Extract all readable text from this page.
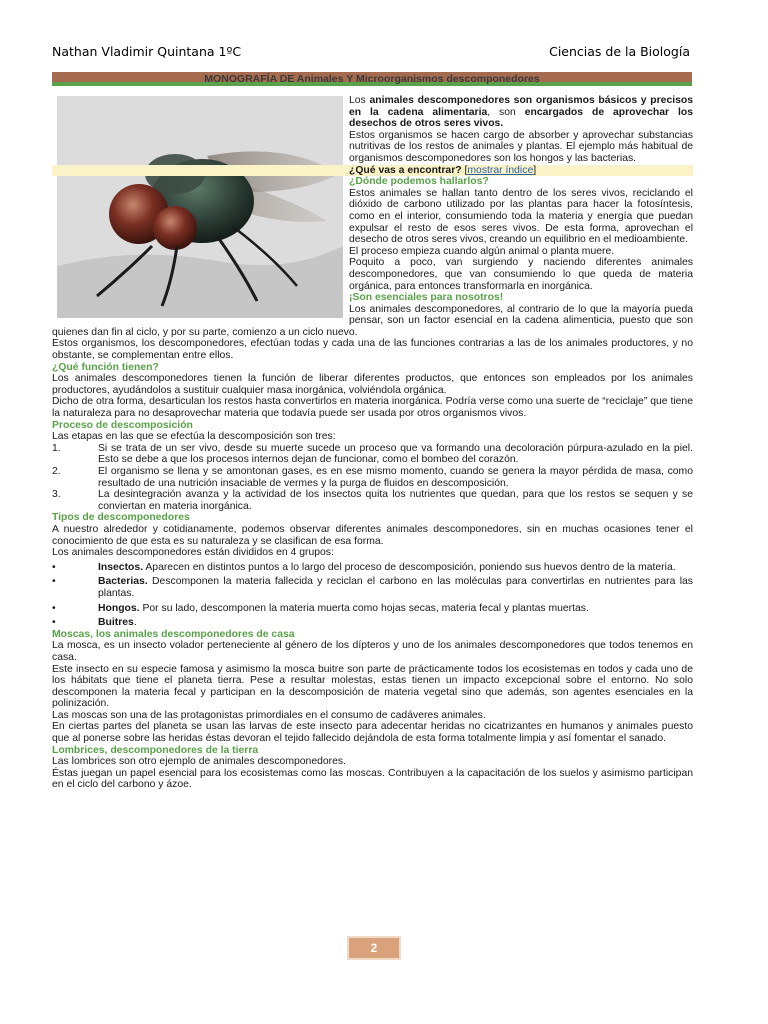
Nathan Vladimir Quintana 1ºC	Ciencias de la Biología
MONOGRAFÍA DE Animales Y Microorganismos descomponedores

Los animales descomponedores son organismos básicos y precisos en la cadena alimentaria, son encargados de aprovechar los desechos de otros seres vivos.

Estos organismos se hacen cargo de absorber y aprovechar substancias nutritivas de los restos de animales y plantas. El ejemplo más habitual de organismos descomponedores son los hongos y las bacterias.

¿Qué vas a encontrar? [mostrar índice]

¿Dónde podemos hallarlos?

Estos animales se hallan tanto dentro de los seres vivos, reciclando el dióxido de carbono utilizado por las plantas para hacer la fotosíntesis, como en el interior, consumiendo toda la materia y energía que puedan expulsar el resto de esos seres vivos. De esta forma, aprovechan el desecho de otros seres vivos, creando un equilibrio en el medioambiente.

El proceso empieza cuando algún animal o planta muere.

Poquito a poco, van surgiendo y naciendo diferentes animales descomponedores, que van consumiendo lo que queda de materia orgánica, para entonces transformarla en inorgánica.

¡Son esenciales para nosotros!

Los animales descomponedores, al contrario de lo que la mayoría pueda pensar, son un factor esencial en la cadena alimenticia, puesto que son quienes dan fin al ciclo, y por su parte, comienzo a un ciclo nuevo.

Estos organismos, los descomponedores, efectúan todas y cada una de las funciones contrarias a las de los animales productores, y no obstante, se complementan entre ellos.

¿Qué función tienen?

Los animales descomponedores tienen la función de liberar diferentes productos, que entonces son empleados por los animales productores, ayudándolos a sustituir cualquier masa inorgánica, volviéndola orgánica.

Dicho de otra forma, desarticulan los restos hasta convertirlos en materia inorgánica. Podría verse como una suerte de “reciclaje” que tiene la naturaleza para no desaprovechar materia que todavía puede ser usada por otros organismos vivos.

Proceso de descomposición

Las etapas en las que se efectúa la descomposición son tres:

1.	Si se trata de un ser vivo, desde su muerte sucede un proceso que va formando una decoloración púrpura-azulado en la piel. Esto se debe a que los procesos internos dejan de funcionar, como el bombeo del corazón.

2.	El organismo se llena y se amontonan gases, es en ese mismo momento, cuando se genera la mayor pérdida de masa, como resultado de una nutrición insaciable de vermes y la purga de fluidos en descomposición.

3.	La desintegración avanza y la actividad de los insectos quita los nutrientes que quedan, para que los restos se sequen y se conviertan en materia inorgánica.

Tipos de descomponedores

A nuestro alrededor y cotidianamente, podemos observar diferentes animales descomponedores, sin en muchas ocasiones tener el conocimiento de que esta es su naturaleza y se clasifican de esa forma.

Los animales descomponedores están divididos en 4 grupos:

•	Insectos. Aparecen en distintos puntos a lo largo del proceso de descomposición, poniendo sus huevos dentro de la materia.

•	Bacterias. Descomponen la materia fallecida y reciclan el carbono en las moléculas para convertirlas en nutrientes para las plantas.

•	Hongos. Por su lado, descomponen la materia muerta como hojas secas, materia fecal y plantas muertas.

•	Buitres.

Moscas, los animales descomponedores de casa

La mosca, es un insecto volador perteneciente al género de los dípteros y uno de los animales descomponedores que todos tenemos en casa.

Este insecto en su especie famosa y asimismo la mosca buitre son parte de prácticamente todos los ecosistemas en todos y cada uno de los hábitats que tiene el planeta tierra. Pese a resultar molestas, estas tienen un impacto excepcional sobre el entorno. No solo descomponen la materia fecal y participan en la descomposición de materia vegetal sino que además, son agentes esenciales en la polinización.

Las moscas son una de las protagonistas primordiales en el consumo de cadáveres animales.

En ciertas partes del planeta se usan las larvas de este insecto para adecentar heridas no cicatrizantes en humanos y animales puesto que al ponerse sobre las heridas éstas devoran el tejido fallecido dejándola de esta forma totalmente limpia y así fomentar el sanado.

Lombrices, descomponedores de la tierra

Las lombrices son otro ejemplo de animales descomponedores.

Éstas juegan un papel esencial para los ecosistemas como las moscas. Contribuyen a la capacitación de los suelos y asimismo participan en el ciclo del carbono y ázoe.

2
